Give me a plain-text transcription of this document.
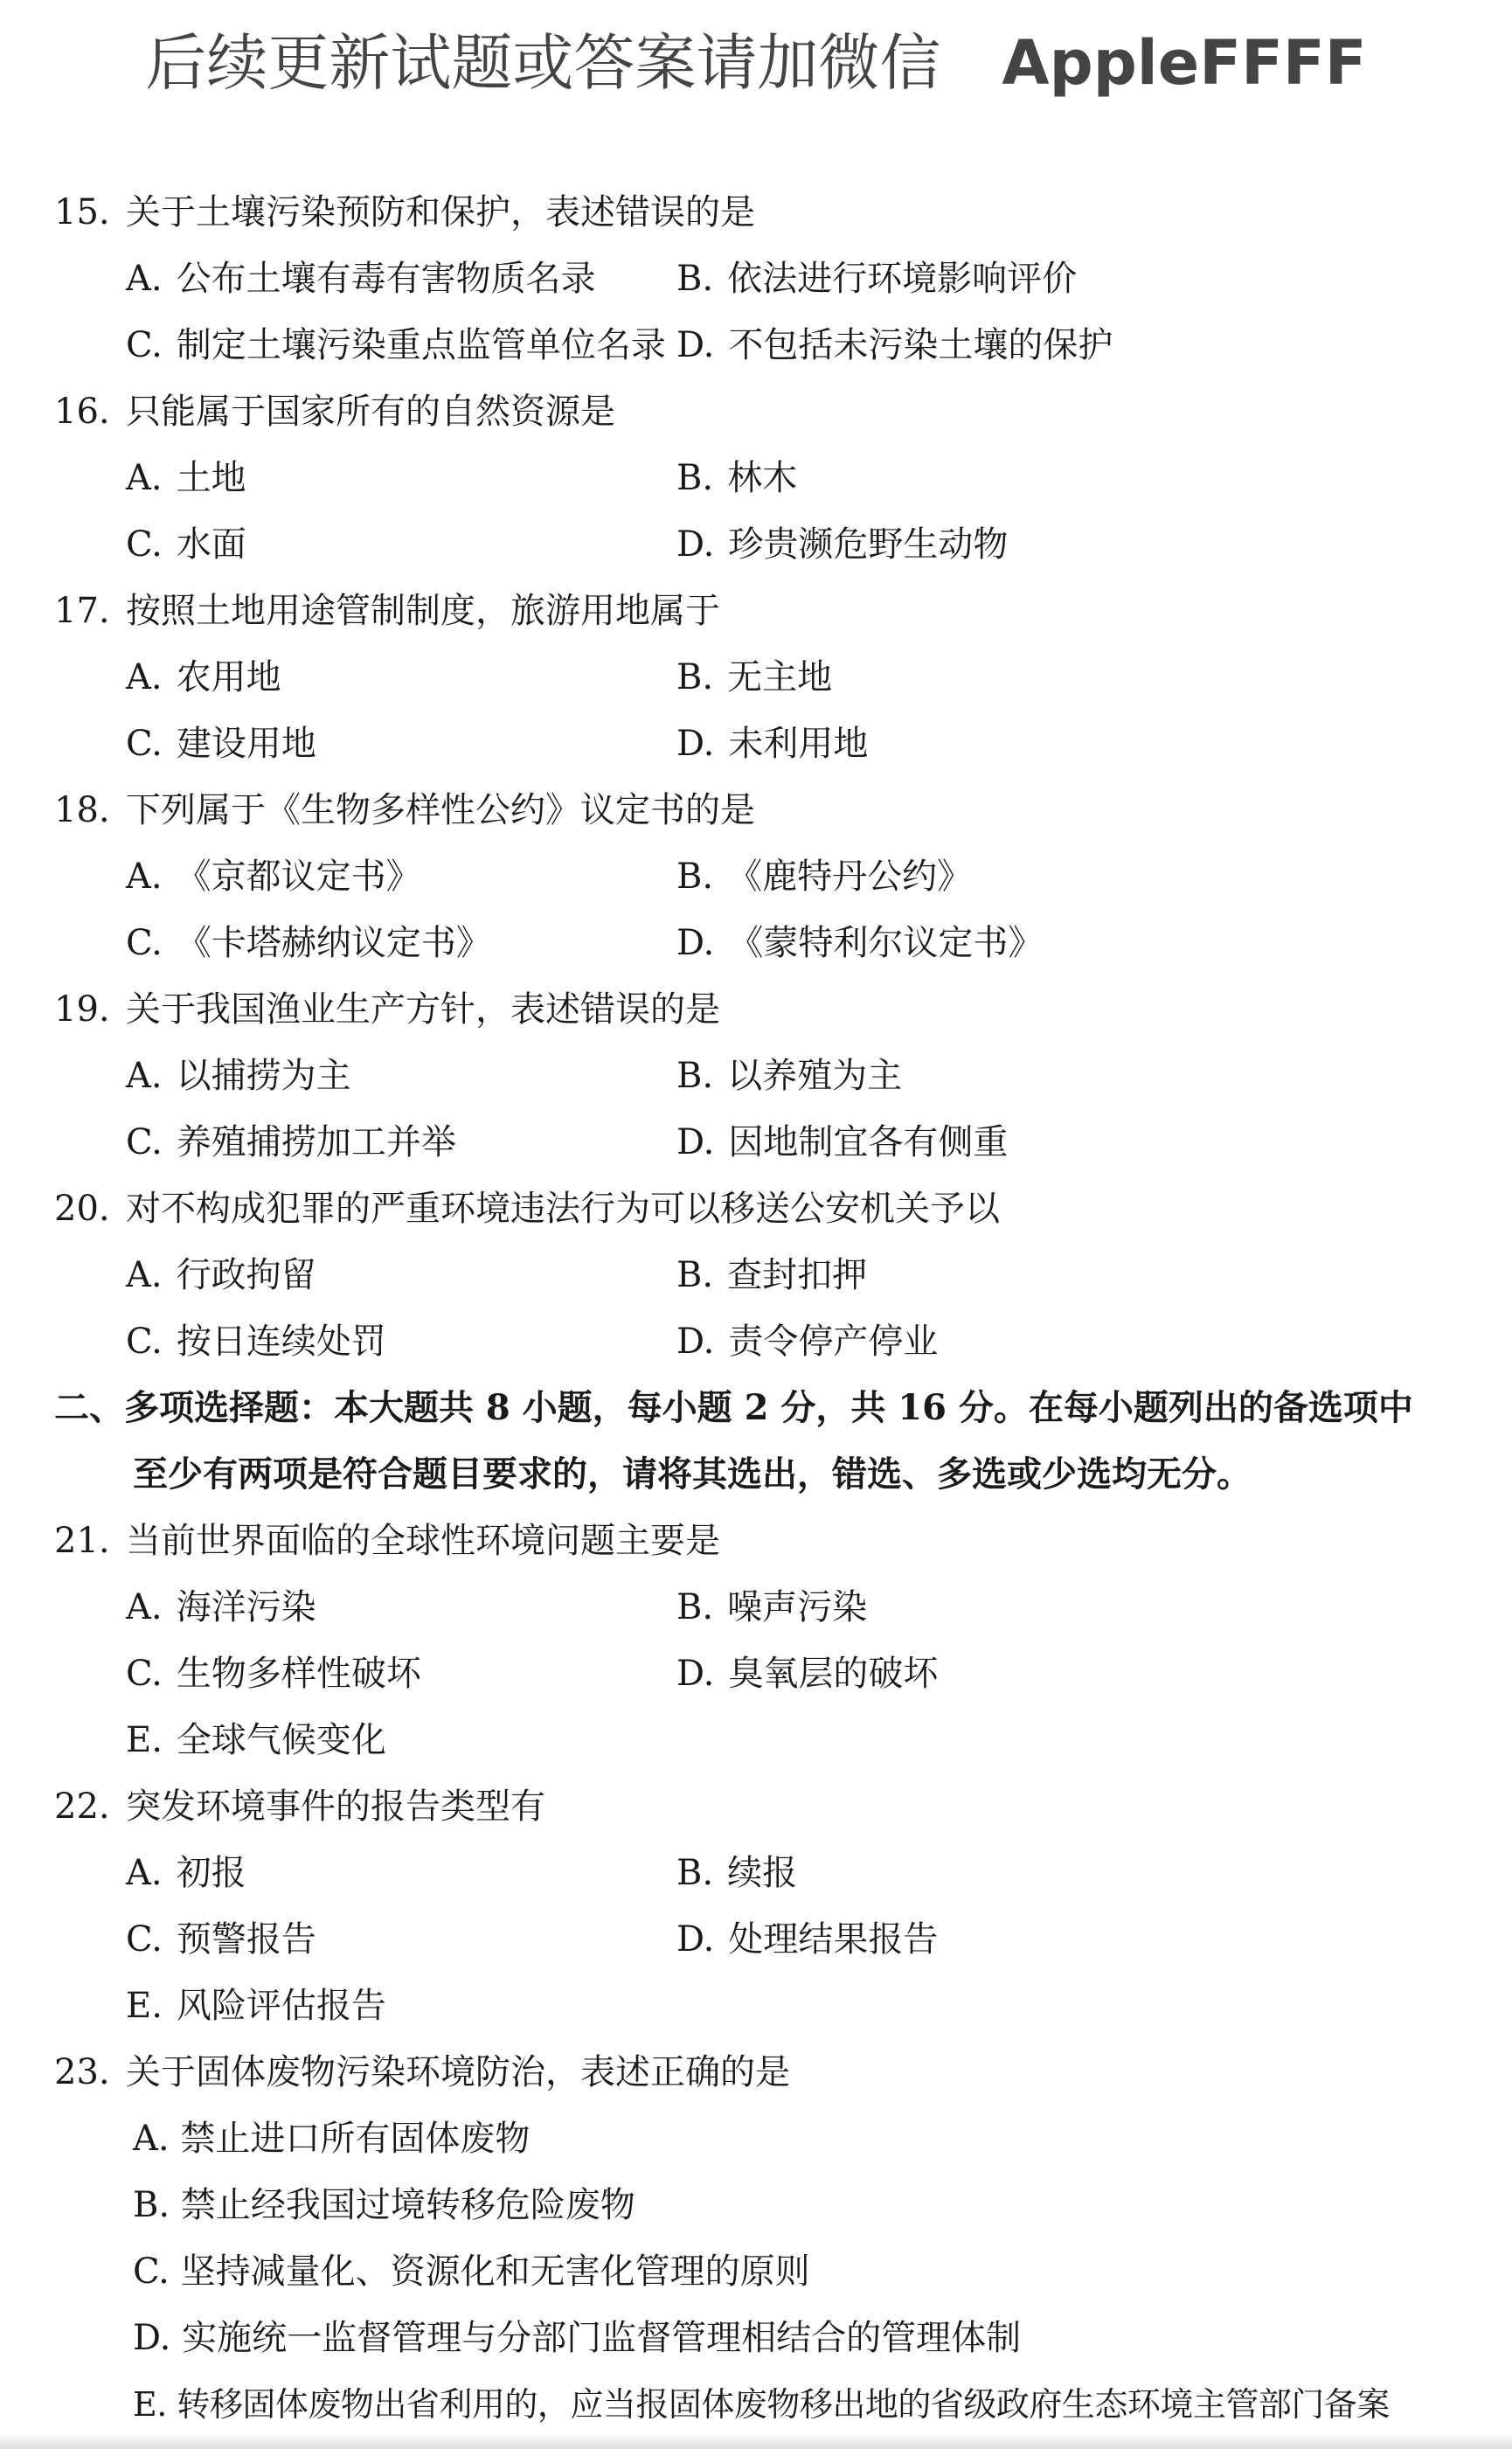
后续更新试题或答案请加微信 AppleFFFF
15. 关于土壤污染预防和保护，表述错误的是
A. 公布土壤有毒有害物质名录	B. 依法进行环境影响评价
C. 制定土壤污染重点监管单位名录 D. 不包括未污染土壤的保护
16. 只能属于国家所有的自然资源是
A. 土地	B. 林木
C. 水面	D. 珍贵濒危野生动物
17. 按照土地用途管制制度，旅游用地属于
A. 农用地	B. 无主地
C. 建设用地	D. 未利用地
18. 下列属于《生物多样性公约》议定书的是
A. 《京都议定书》	B. 《鹿特丹公约》
C. 《卡塔赫纳议定书》	D. 《蒙特利尔议定书》
19. 关于我国渔业生产方针，表述错误的是
A. 以捕捞为主	B. 以养殖为主
C. 养殖捕捞加工并举	D. 因地制宜各有侧重
20. 对不构成犯罪的严重环境违法行为可以移送公安机关予以
A. 行政拘留	B. 查封扣押
C. 按日连续处罚	D. 责令停产停业
二、多项选择题：本大题共 8 小题，每小题 2 分，共 16 分。在每小题列出的备选项中
至少有两项是符合题目要求的，请将其选出，错选、多选或少选均无分。
21. 当前世界面临的全球性环境问题主要是
A. 海洋污染	B. 噪声污染
C. 生物多样性破坏	D. 臭氧层的破坏
E. 全球气候变化
22. 突发环境事件的报告类型有
A. 初报	B. 续报
C. 预警报告	D. 处理结果报告
E. 风险评估报告
23. 关于固体废物污染环境防治，表述正确的是
A. 禁止进口所有固体废物
B. 禁止经我国过境转移危险废物
C. 坚持减量化、资源化和无害化管理的原则
D. 实施统一监督管理与分部门监督管理相结合的管理体制
E. 转移固体废物出省利用的，应当报固体废物移出地的省级政府生态环境主管部门备案
